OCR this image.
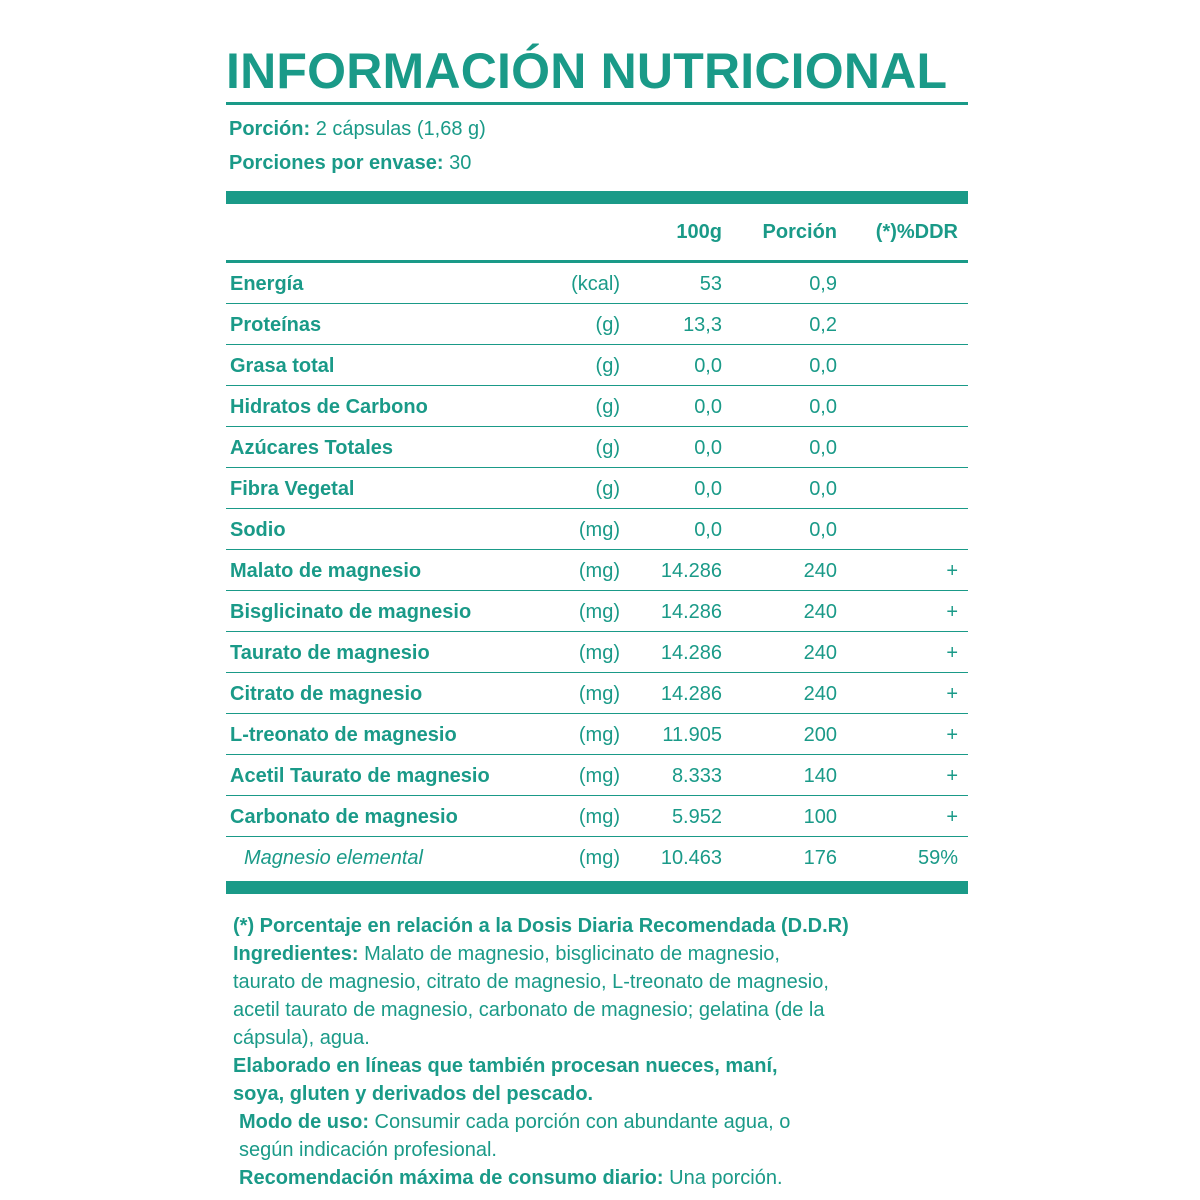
INFORMACIÓN NUTRICIONAL
Porción: 2 cápsulas (1,68 g)
Porciones por envase: 30
100g	Porción	(*)%DDR
Energía	(kcal)	53	0,9
Proteínas	(g)	13,3	0,2
Grasa total	(g)	0,0	0,0
Hidratos de Carbono	(g)	0,0	0,0
Azúcares Totales	(g)	0,0	0,0
Fibra Vegetal	(g)	0,0	0,0
Sodio	(mg)	0,0	0,0
Malato de magnesio	(mg)	14.286	240	+
Bisglicinato de magnesio	(mg)	14.286	240	+
Taurato de magnesio	(mg)	14.286	240	+
Citrato de magnesio	(mg)	14.286	240	+
L-treonato de magnesio	(mg)	11.905	200	+
Acetil Taurato de magnesio	(mg)	8.333	140	+
Carbonato de magnesio	(mg)	5.952	100	+
Magnesio elemental	(mg)	10.463	176	59%

(*) Porcentaje en relación a la Dosis Diaria Recomendada (D.D.R)

Ingredientes: Malato de magnesio, bisglicinato de magnesio,

taurato de magnesio, citrato de magnesio, L-treonato de magnesio,

acetil taurato de magnesio, carbonato de magnesio; gelatina (de la

cápsula), agua.

Elaborado en líneas que también procesan nueces, maní,

soya, gluten y derivados del pescado.

Modo de uso: Consumir cada porción con abundante agua, o

según indicación profesional.

Recomendación máxima de consumo diario: Una porción.
